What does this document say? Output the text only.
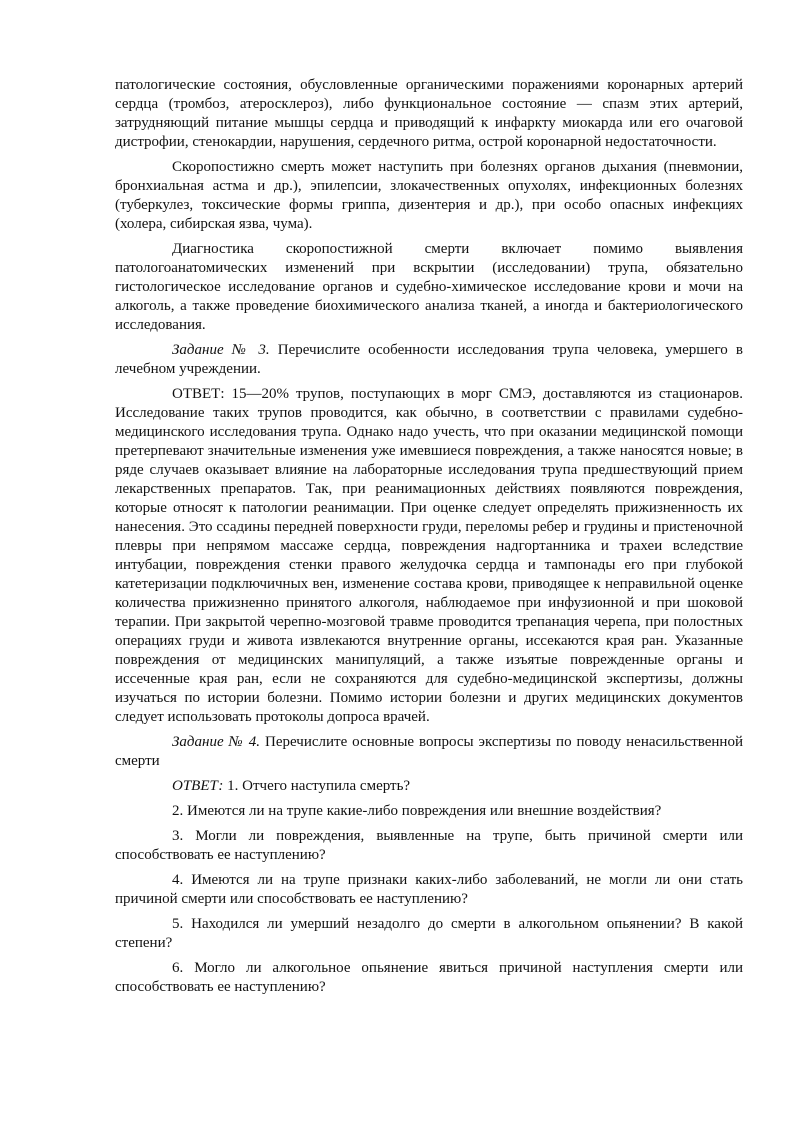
патологические состояния, обусловленные органическими поражениями коронарных артерий сердца (тромбоз, атеросклероз), либо функциональное состояние — спазм этих артерий, затрудняющий питание мышцы сердца и приводящий к инфаркту миокарда или его очаговой дистрофии, стенокардии, нарушения, сердечного ритма, острой коронарной недостаточности.

Скоропостижно смерть может наступить при болезнях органов дыхания (пневмонии, бронхиальная астма и др.), эпилепсии, злокачественных опухолях, инфекционных болезнях (туберкулез, токсические формы гриппа, дизентерия и др.), при особо опасных инфекциях (холера, сибирская язва, чума).

Диагностика скоропостижной смерти включает помимо выявления патологоанатомических изменений при вскрытии (исследовании) трупа, обязательно гистологическое исследование органов и судебно-химическое исследование крови и мочи на алкоголь, а также проведение биохимического анализа тканей, а иногда и бактериологического исследования.

Задание № 3. Перечислите особенности исследования трупа человека, умершего в лечебном учреждении.

ОТВЕТ: 15—20% трупов, поступающих в морг СМЭ, доставляются из стационаров. Исследование таких трупов проводится, как обычно, в соответствии с правилами судебно-медицинского исследования трупа. Однако надо учесть, что при оказании медицинской помощи претерпевают значительные изменения уже имевшиеся повреждения, а также наносятся новые; в ряде случаев оказывает влияние на лабораторные исследования трупа предшествующий прием лекарственных препаратов. Так, при реанимационных действиях появляются повреждения, которые относят к патологии реанимации. При оценке следует определять прижизненность их нанесения. Это ссадины передней поверхности груди, переломы ребер и грудины и пристеночной плевры при непрямом массаже сердца, повреждения надгортанника и трахеи вследствие интубации, повреждения стенки правого желудочка сердца и тампонады его при глубокой катетеризации подключичных вен, изменение состава крови, приводящее к неправильной оценке количества прижизненно принятого алкоголя, наблюдаемое при инфузионной и при шоковой терапии. При закрытой черепно-мозговой травме проводится трепанация черепа, при полостных операциях груди и живота извлекаются внутренние органы, иссекаются края ран. Указанные повреждения от медицинских манипуляций, а также изъятые поврежденные органы и иссеченные края ран, если не сохраняются для судебно-медицинской экспертизы, должны изучаться по истории болезни. Помимо истории болезни и других медицинских документов следует использовать протоколы допроса врачей.

Задание № 4. Перечислите основные вопросы экспертизы по поводу ненасильственной смерти

ОТВЕТ: 1. Отчего наступила смерть?

2. Имеются ли на трупе какие-либо повреждения или внешние воздействия?

3. Могли ли повреждения, выявленные на трупе, быть причиной смерти или способствовать ее наступлению?

4. Имеются ли на трупе признаки каких-либо заболеваний, не могли ли они стать причиной смерти или способствовать ее наступлению?

5. Находился ли умерший незадолго до смерти в алкогольном опьянении? В какой степени?

6. Могло ли алкогольное опьянение явиться причиной наступления смерти или способствовать ее наступлению?
